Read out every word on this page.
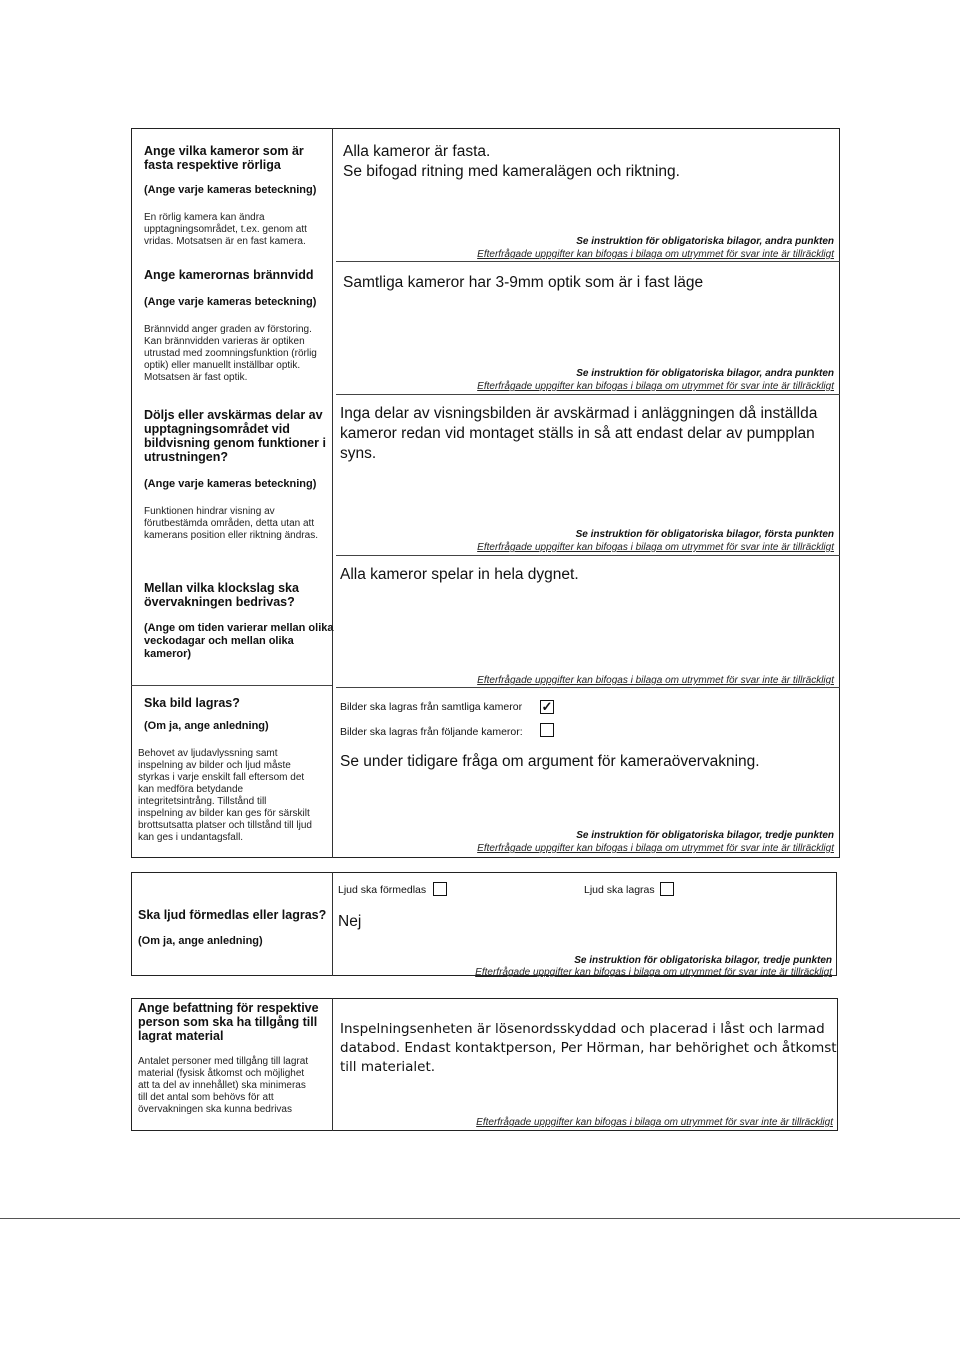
Ange vilka kameror som är
fasta respektive rörliga
(Ange varje kameras beteckning)
En rörlig kamera kan ändra
upptagningsområdet, t.ex. genom att
vridas. Motsatsen är en fast kamera.
Alla kameror är fasta.
Se bifogad ritning med kameralägen och riktning.
Se instruktion för obligatoriska bilagor, andra punkten
Efterfrågade uppgifter kan bifogas i bilaga om utrymmet för svar inte är tillräckligt
Ange kamerornas brännvidd
(Ange varje kameras beteckning)
Brännvidd anger graden av förstoring.
Kan brännvidden varieras är optiken
utrustad med zoomningsfunktion (rörlig
optik) eller manuellt inställbar optik.
Motsatsen är fast optik.
Samtliga kameror har 3-9mm optik som är i fast läge
Se instruktion för obligatoriska bilagor, andra punkten
Efterfrågade uppgifter kan bifogas i bilaga om utrymmet för svar inte är tillräckligt
Döljs eller avskärmas delar av
upptagningsområdet vid
bildvisning genom funktioner i
utrustningen?
(Ange varje kameras beteckning)
Funktionen hindrar visning av
förutbestämda områden, detta utan att
kamerans position eller riktning ändras.
Inga delar av visningsbilden är avskärmad i anläggningen då inställda
kameror redan vid montaget ställs in så att endast delar av pumpplan
syns.
Se instruktion för obligatoriska bilagor, första punkten
Efterfrågade uppgifter kan bifogas i bilaga om utrymmet för svar inte är tillräckligt
Mellan vilka klockslag ska
övervakningen bedrivas?
(Ange om tiden varierar mellan olika
veckodagar och mellan olika
kameror)
Alla kameror spelar in hela dygnet.
Efterfrågade uppgifter kan bifogas i bilaga om utrymmet för svar inte är tillräckligt
Ska bild lagras?
(Om ja, ange anledning)
Behovet av ljudavlyssning samt
inspelning av bilder och ljud måste
styrkas i varje enskilt fall eftersom det
kan medföra betydande
integritetsintrång. Tillstånd till
inspelning av bilder kan ges för särskilt
brottsutsatta platser och tillstånd till ljud
kan ges i undantagsfall.
Bilder ska lagras från samtliga kameror ✓
Bilder ska lagras från följande kameror:
Se under tidigare fråga om argument för kameraövervakning.
Se instruktion för obligatoriska bilagor, tredje punkten
Efterfrågade uppgifter kan bifogas i bilaga om utrymmet för svar inte är tillräckligt
Ska ljud förmedlas eller lagras?
(Om ja, ange anledning)
Ljud ska förmedlas	Ljud ska lagras
Nej
Se instruktion för obligatoriska bilagor, tredje punkten
Efterfrågade uppgifter kan bifogas i bilaga om utrymmet för svar inte är tillräckligt
Ange befattning för respektive
person som ska ha tillgång till
lagrat material
Antalet personer med tillgång till lagrat
material (fysisk åtkomst och möjlighet
att ta del av innehållet) ska minimeras
till det antal som behövs för att
övervakningen ska kunna bedrivas
Inspelningsenheten är lösenordsskyddad och placerad i låst och larmad
databod. Endast kontaktperson, Per Hörman, har behörighet och åtkomst
till materialet.
Efterfrågade uppgifter kan bifogas i bilaga om utrymmet för svar inte är tillräckligt
